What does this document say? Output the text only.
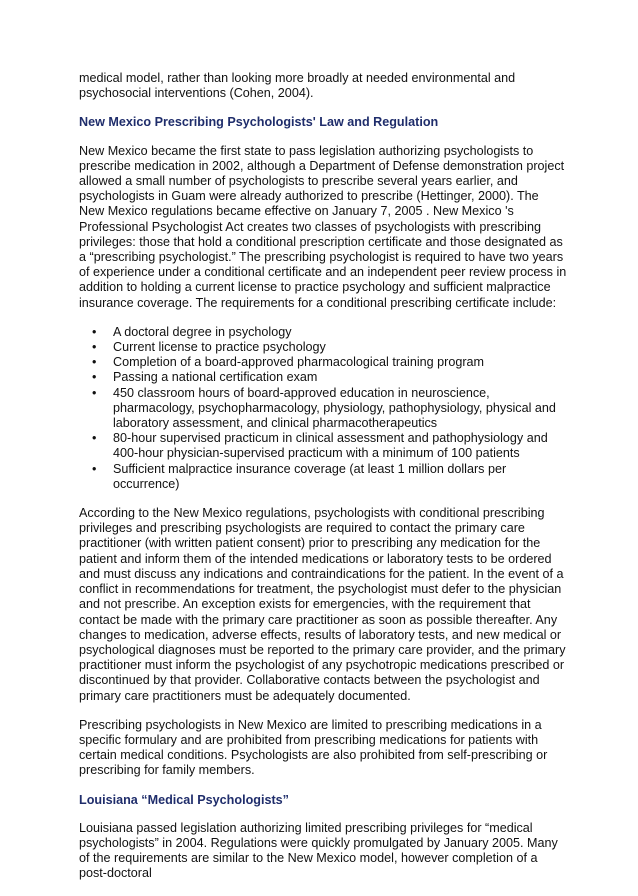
medical model, rather than looking more broadly at needed environmental and psychosocial interventions (Cohen, 2004).

New Mexico Prescribing Psychologists' Law and Regulation

New Mexico became the first state to pass legislation authorizing psychologists to prescribe medication in 2002, although a Department of Defense demonstration project allowed a small number of psychologists to prescribe several years earlier, and psychologists in Guam were already authorized to prescribe (Hettinger, 2000). The New Mexico regulations became effective on January 7, 2005 . New Mexico 's Professional Psychologist Act creates two classes of psychologists with prescribing privileges: those that hold a conditional prescription certificate and those designated as a “prescribing psychologist.” The prescribing psychologist is required to have two years of experience under a conditional certificate and an independent peer review process in addition to holding a current license to practice psychology and sufficient malpractice insurance coverage. The requirements for a conditional prescribing certificate include:

• A doctoral degree in psychology
• Current license to practice psychology
• Completion of a board-approved pharmacological training program
• Passing a national certification exam
• 450 classroom hours of board-approved education in neuroscience, pharmacology, psychopharmacology, physiology, pathophysiology, physical and laboratory assessment, and clinical pharmacotherapeutics
• 80-hour supervised practicum in clinical assessment and pathophysiology and 400-hour physician-supervised practicum with a minimum of 100 patients
• Sufficient malpractice insurance coverage (at least 1 million dollars per occurrence)

According to the New Mexico regulations, psychologists with conditional prescribing privileges and prescribing psychologists are required to contact the primary care practitioner (with written patient consent) prior to prescribing any medication for the patient and inform them of the intended medications or laboratory tests to be ordered and must discuss any indications and contraindications for the patient. In the event of a conflict in recommendations for treatment, the psychologist must defer to the physician and not prescribe. An exception exists for emergencies, with the requirement that contact be made with the primary care practitioner as soon as possible thereafter. Any changes to medication, adverse effects, results of laboratory tests, and new medical or psychological diagnoses must be reported to the primary care provider, and the primary practitioner must inform the psychologist of any psychotropic medications prescribed or discontinued by that provider. Collaborative contacts between the psychologist and primary care practitioners must be adequately documented.

Prescribing psychologists in New Mexico are limited to prescribing medications in a specific formulary and are prohibited from prescribing medications for patients with certain medical conditions. Psychologists are also prohibited from self-prescribing or prescribing for family members.

Louisiana “Medical Psychologists”

Louisiana passed legislation authorizing limited prescribing privileges for “medical psychologists” in 2004. Regulations were quickly promulgated by January 2005. Many of the requirements are similar to the New Mexico model, however completion of a post-doctoral
